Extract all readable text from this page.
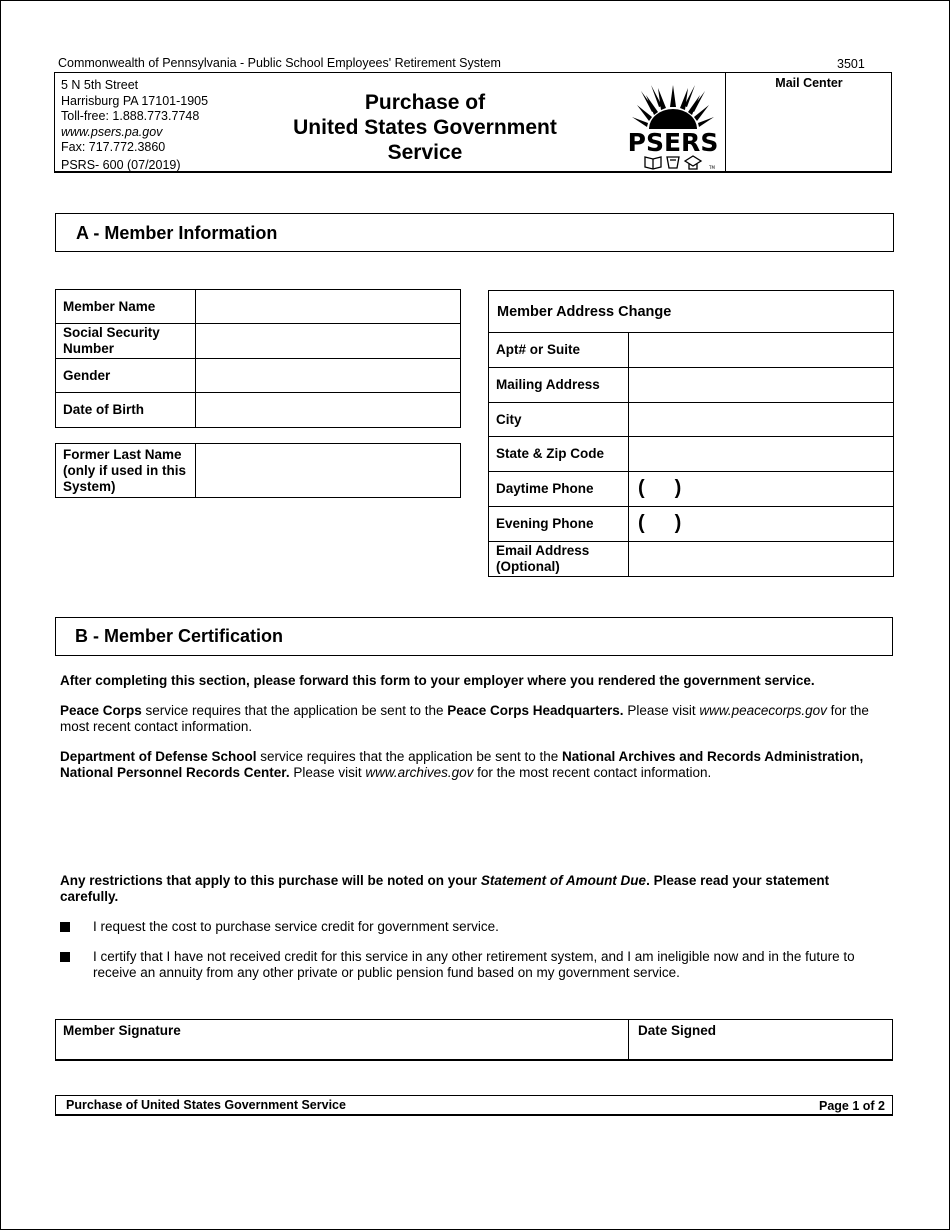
Commonwealth of Pennsylvania - Public School Employees' Retirement System	3501
5 N 5th Street
Harrisburg PA 17101-1905
Toll-free: 1.888.773.7748
www.psers.pa.gov
Fax: 717.772.3860
PSRS- 600 (07/2019)
Purchase of
United States Government
Service	PSERS
TM
Mail Center
A - Member Information
Member Name	
Social Security Number	
Gender	
Date of Birth	
Former Last Name (only if used in this System)	
Member Address Change	
Apt# or Suite	
Mailing Address	
City	
State & Zip Code	
Daytime Phone	( )
Evening Phone	( )
Email Address (Optional)	
B - Member Certification
After completing this section, please forward this form to your employer where you rendered the government service.
Peace Corps service requires that the application be sent to the Peace Corps Headquarters. Please visit www.peacecorps.gov for the most recent contact information.
Department of Defense School service requires that the application be sent to the National Archives and Records Administration, National Personnel Records Center. Please visit www.archives.gov for the most recent contact information.
Any restrictions that apply to this purchase will be noted on your Statement of Amount Due. Please read your statement carefully.
I request the cost to purchase service credit for government service.
I certify that I have not received credit for this service in any other retirement system, and I am ineligible now and in the future to receive an annuity from any other private or public pension fund based on my government service.
Member Signature	Date Signed
Purchase of United States Government Service	Page 1 of 2
